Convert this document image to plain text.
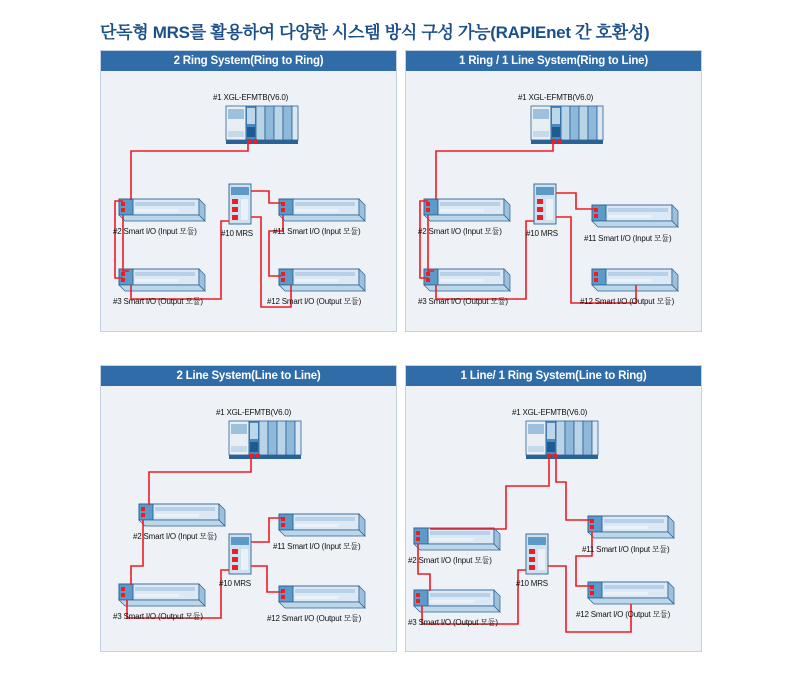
단독형 MRS를 활용하여 다양한 시스템 방식 구성 가능(RAPIEnet 간 호환성)
2 Ring System(Ring to Ring)
#1 XGL-EFMTB(V6.0)
#10 MRS
#2 Smart I/O (Input 모듈)
#3 Smart I/O (Output 모듈)
#11 Smart I/O (Input 모듈)
#12 Smart I/O (Output 모듈)
1 Ring / 1 Line System(Ring to Line)
#1 XGL-EFMTB(V6.0)
#10 MRS
#2 Smart I/O (Input 모듈)
#3 Smart I/O (Output 모듈)
#11 Smart I/O (Input 모듈)
#12 Smart I/O (Output 모듈)
2 Line System(Line to Line)
#1 XGL-EFMTB(V6.0)
#10 MRS
#2 Smart I/O (Input 모듈)
#3 Smart I/O (Output 모듈)
#11 Smart I/O (Input 모듈)
#12 Smart I/O (Output 모듈)
1 Line/ 1 Ring System(Line to Ring)
#1 XGL-EFMTB(V6.0)
#10 MRS
#2 Smart I/O (Input 모듈)
#3 Smart I/O (Output 모듈)
#11 Smart I/O (Input 모듈)
#12 Smart I/O (Output 모듈)
